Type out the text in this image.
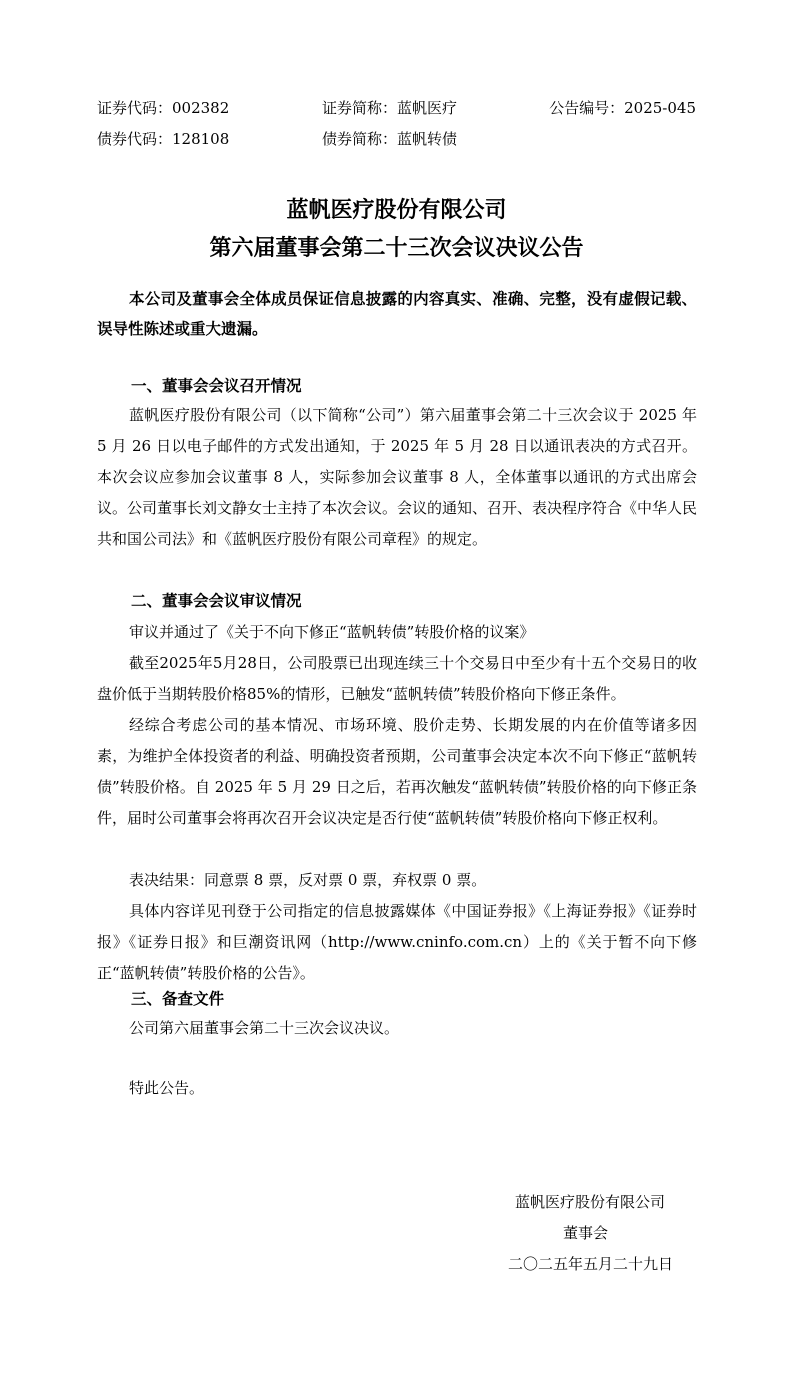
证券代码：002382	证券简称：蓝帆医疗	公告编号：2025-045
债券代码：128108	债券简称：蓝帆转债
蓝帆医疗股份有限公司
第六届董事会第二十三次会议决议公告
本公司及董事会全体成员保证信息披露的内容真实、准确、完整，没有虚假记载、误导性陈述或重大遗漏。
一、董事会会议召开情况
蓝帆医疗股份有限公司（以下简称“公司”）第六届董事会第二十三次会议于 2025 年 5 月 26 日以电子邮件的方式发出通知，于 2025 年 5 月 28 日以通讯表决的方式召开。本次会议应参加会议董事 8 人，实际参加会议董事 8 人，全体董事以通讯的方式出席会议。公司董事长刘文静女士主持了本次会议。会议的通知、召开、表决程序符合《中华人民共和国公司法》和《蓝帆医疗股份有限公司章程》的规定。
二、董事会会议审议情况
审议并通过了《关于不向下修正“蓝帆转债”转股价格的议案》
截至2025年5月28日，公司股票已出现连续三十个交易日中至少有十五个交易日的收盘价低于当期转股价格85%的情形，已触发“蓝帆转债”转股价格向下修正条件。
经综合考虑公司的基本情况、市场环境、股价走势、长期发展的内在价值等诸多因素，为维护全体投资者的利益、明确投资者预期，公司董事会决定本次不向下修正“蓝帆转债”转股价格。自 2025 年 5 月 29 日之后，若再次触发“蓝帆转债”转股价格的向下修正条件，届时公司董事会将再次召开会议决定是否行使“蓝帆转债”转股价格向下修正权利。
表决结果：同意票 8 票，反对票 0 票，弃权票 0 票。
具体内容详见刊登于公司指定的信息披露媒体《中国证券报》《上海证券报》《证券时报》《证券日报》和巨潮资讯网（http://www.cninfo.com.cn）上的《关于暂不向下修正“蓝帆转债”转股价格的公告》。
三、备查文件
公司第六届董事会第二十三次会议决议。
特此公告。
蓝帆医疗股份有限公司
董事会
二〇二五年五月二十九日
